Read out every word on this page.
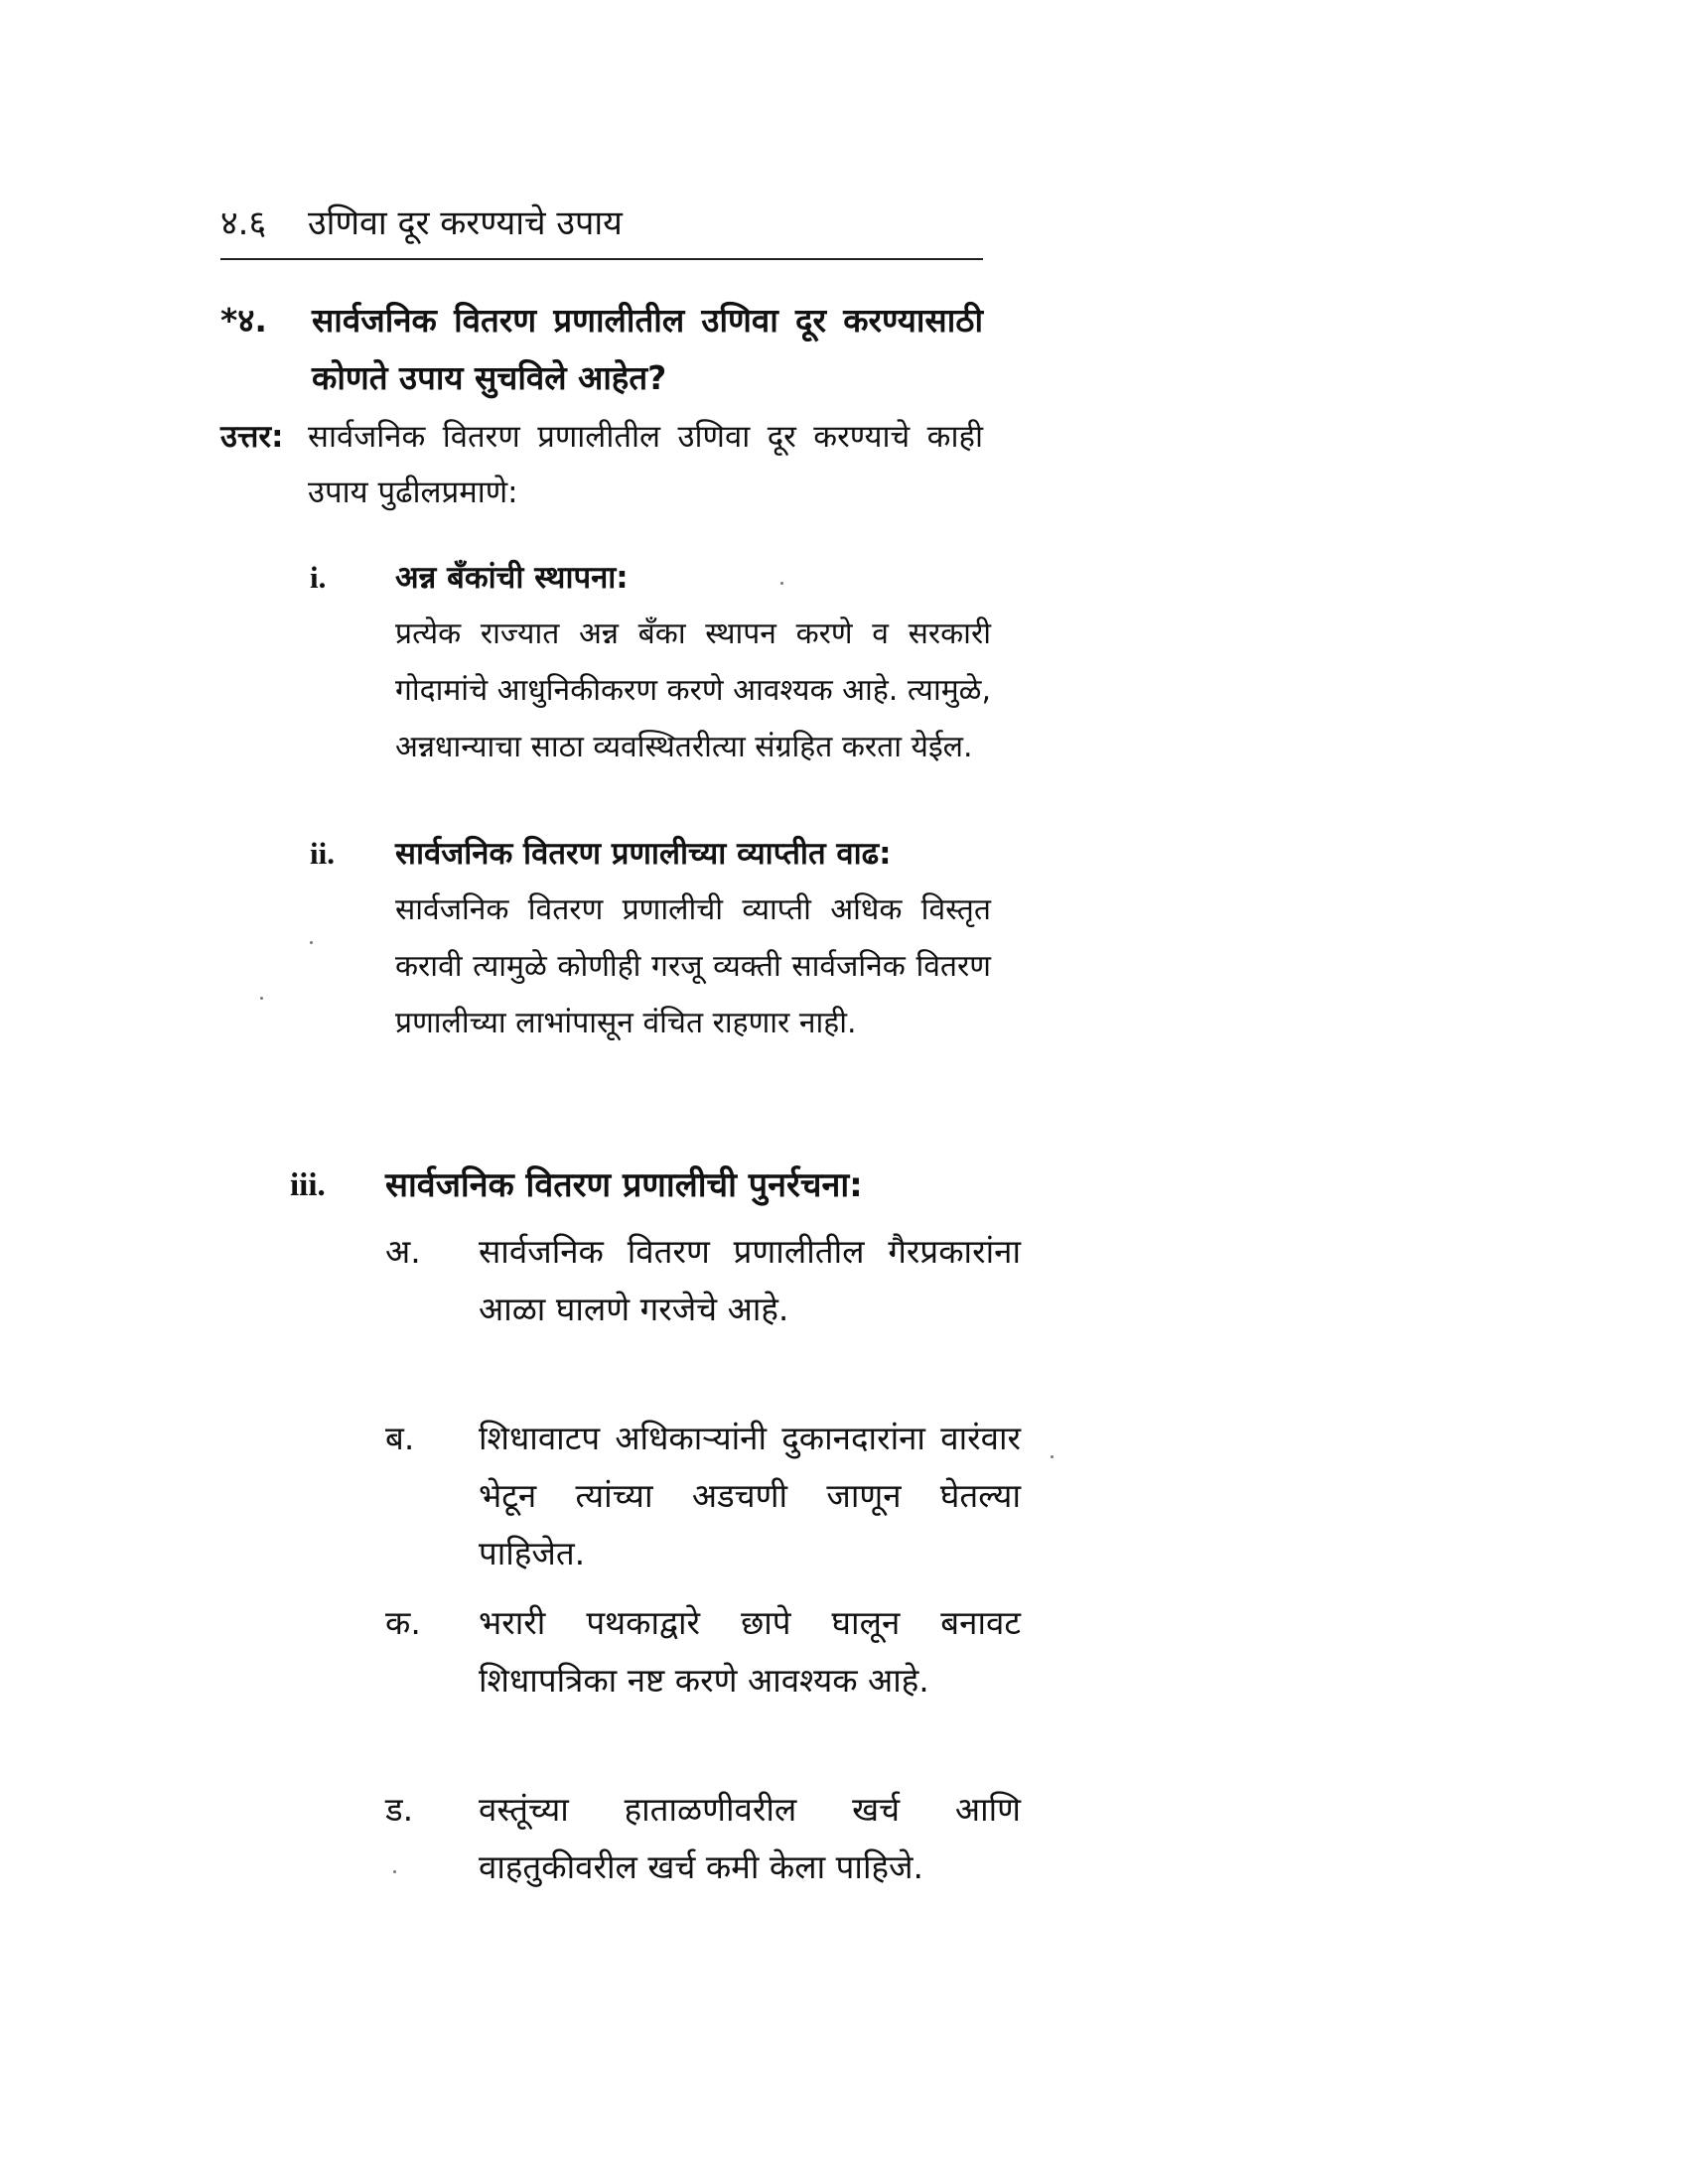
४.६ उणिवा दूर करण्याचे उपाय
*४.	सार्वजनिक वितरण प्रणालीतील उणिवा दूर करण्यासाठी कोणते उपाय सुचविले आहेत?
उत्तर: सार्वजनिक वितरण प्रणालीतील उणिवा दूर करण्याचे काही उपाय पुढीलप्रमाणे:
i. अन्न बँकांची स्थापना:
प्रत्येक राज्यात अन्न बँका स्थापन करणे व सरकारी गोदामांचे आधुनिकीकरण करणे आवश्यक आहे. त्यामुळे, अन्नधान्याचा साठा व्यवस्थितरीत्या संग्रहित करता येईल.
ii. सार्वजनिक वितरण प्रणालीच्या व्याप्तीत वाढ:
सार्वजनिक वितरण प्रणालीची व्याप्ती अधिक विस्तृत करावी त्यामुळे कोणीही गरजू व्यक्ती सार्वजनिक वितरण प्रणालीच्या लाभांपासून वंचित राहणार नाही.
iii. सार्वजनिक वितरण प्रणालीची पुनर्रचना:
अ. सार्वजनिक वितरण प्रणालीतील गैरप्रकारांना आळा घालणे गरजेचे आहे.
ब. शिधावाटप अधिकाऱ्यांनी दुकानदारांना वारंवार भेटून त्यांच्या अडचणी जाणून घेतल्या पाहिजेत.
क. भरारी पथकाद्वारे छापे घालून बनावट शिधापत्रिका नष्ट करणे आवश्यक आहे.
ड. वस्तूंच्या हाताळणीवरील खर्च आणि वाहतुकीवरील खर्च कमी केला पाहिजे.
